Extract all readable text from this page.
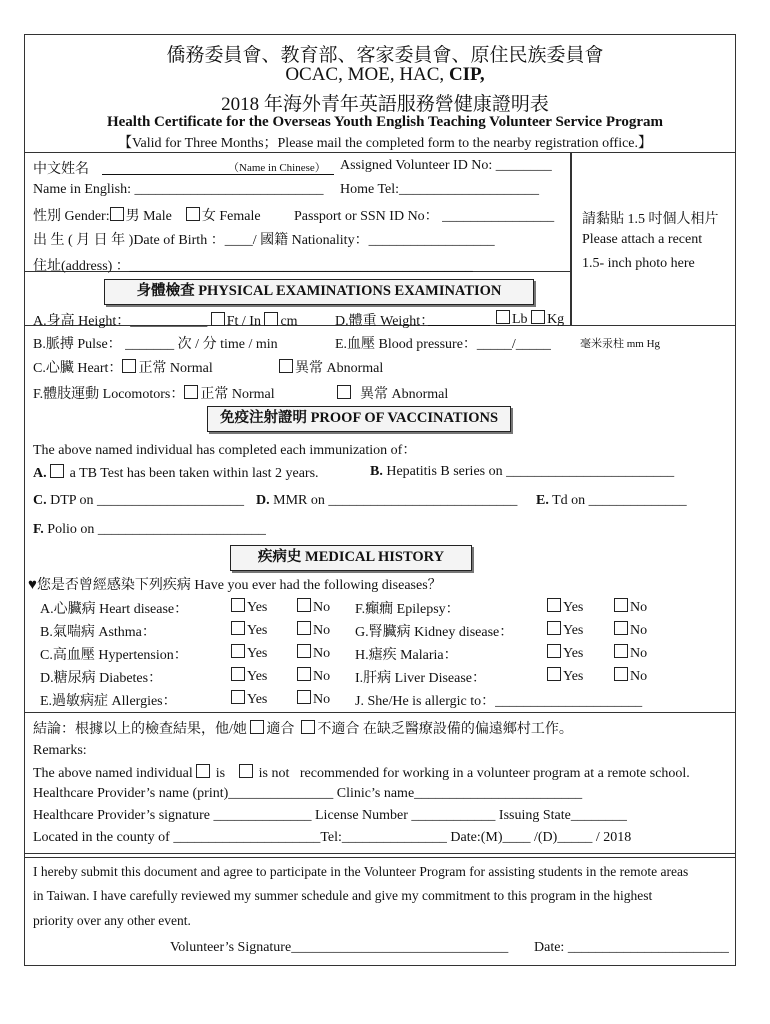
僑務委員會、教育部、客家委員會、原住民族委員會
OCAC, MOE, HAC, CIP,
2018 年海外青年英語服務營健康證明表
Health Certificate for the Overseas Youth English Teaching Volunteer Service Program
【Valid for Three Months；Please mail the completed form to the nearby registration office.】
請黏貼 1.5 吋個人相片
Please attach a recent
1.5- inch photo here
中文姓名	（Name in Chinese） Assigned Volunteer ID No: ________
Name in English: ___________________________ Home Tel:____________________
性別 Gender: 男 Male 女 Female Passport or SSN ID No： ________________
出 生 ( 月 日 年 )Date of Birth ：____/ 國籍 Nationality：__________________
住址(address) ：_________________________________________________
身體檢查 PHYSICAL EXAMINATIONS EXAMINATION
A.身高 Height：___________ Ft / In cm	D.體重 Weight：	Lb Kg
B.脈搏 Pulse： _______ 次 / 分 time / min	E.血壓 Blood pressure：_____/_____	毫米汞柱 mm Hg
C.心臟 Heart： 正常 Normal	異常 Abnormal
F.體肢運動 Locomotors： 正常 Normal	異常 Abnormal
免疫注射證明 PROOF OF VACCINATIONS
The above named individual has completed each immunization of：
A. a TB Test has been taken within last 2 years.	B. Hepatitis B series on ________________________
C. DTP on _____________________ D. MMR on ___________________________ E. Td on ______________
F. Polio on ________________________
疾病史 MEDICAL HISTORY
♥您是否曾經感染下列疾病 Have you ever had the following diseases？
A.心臟病 Heart disease：	Yes	No F.癲癇 Epilepsy：	Yes	No
B.氣喘病 Asthma：	Yes	No G.腎臟病 Kidney disease：	Yes	No
C.高血壓 Hypertension：	Yes	No H.瘧疾 Malaria：	Yes	No
D.糖尿病 Diabetes：	Yes	No I.肝病 Liver Disease：	Yes	No
E.過敏病症 Allergies：	Yes	No J. She/He is allergic to：_____________________
結論：根據以上的檢查結果，他/她 適合 不適合 在缺乏醫療設備的偏遠鄉村工作。
Remarks:
The above named individual is is not recommended for working in a volunteer program at a remote school.
Healthcare Provider’s name (print)_______________ Clinic’s name________________________
Healthcare Provider’s signature ______________ License Number ____________ Issuing State________
Located in the county of _____________________Tel:_______________ Date:(M)____ /(D)_____ / 2018
I hereby submit this document and agree to participate in the Volunteer Program for assisting students in the remote areas
in Taiwan. I have carefully reviewed my summer schedule and give my commitment to this program in the highest
priority over any other event.
Volunteer’s Signature_______________________________ Date: _______________________
